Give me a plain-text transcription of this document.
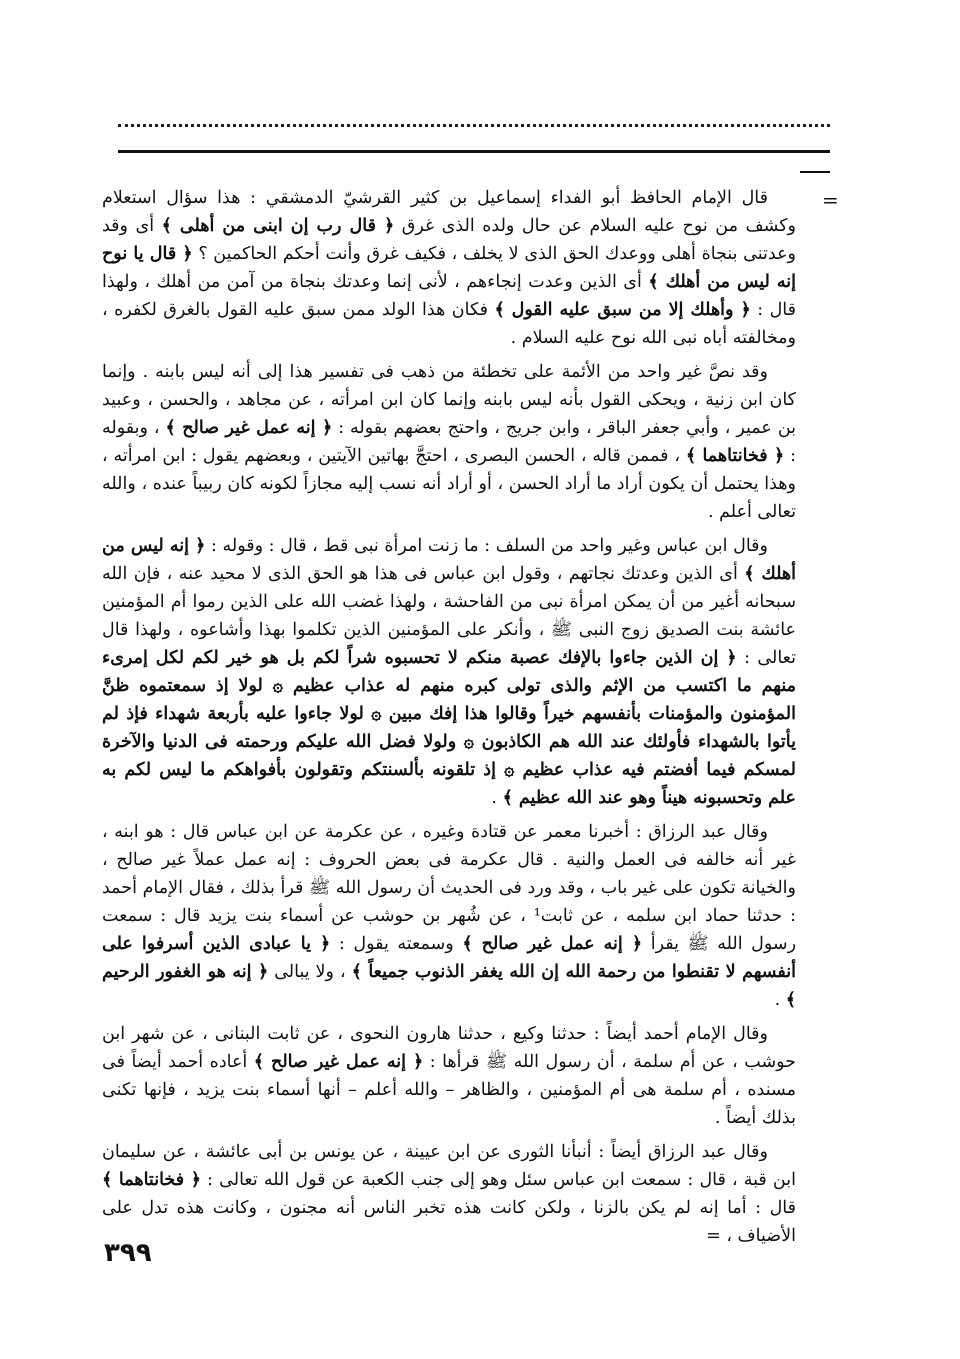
=

قال الإمام الحافظ أبو الفداء إسماعيل بن كثير القرشيّ الدمشقي : هذا سؤال استعلام وكشف من نوح عليه السلام عن حال ولده الذى غرق ﴿ قال رب إن ابنى من أهلى ﴾ أى وقد وعدتنى بنجاة أهلى ووعدك الحق الذى لا يخلف ، فكيف غرق وأنت أحكم الحاكمين ؟ ﴿ قال يا نوح إنه ليس من أهلك ﴾ أى الذين وعدت إنجاءهم ، لأنى إنما وعدتك بنجاة من آمن من أهلك ، ولهذا قال : ﴿ وأهلك إلا من سبق عليه القول ﴾ فكان هذا الولد ممن سبق عليه القول بالغرق لكفره ، ومخالفته أباه نبى الله نوح عليه السلام .

وقد نصَّ غير واحد من الأئمة على تخطئة من ذهب فى تفسير هذا إلى أنه ليس بابنه . وإنما كان ابن زنية ، ويحكى القول بأنه ليس بابنه وإنما كان ابن امرأته ، عن مجاهد ، والحسن ، وعبيد بن عمير ، وأبي جعفر الباقر ، وابن جريج ، واحتج بعضهم بقوله : ﴿ إنه عمل غير صالح ﴾ ، وبقوله : ﴿ فخانتاهما ﴾ ، فممن قاله ، الحسن البصرى ، احتجَّ بهاتين الآيتين ، وبعضهم يقول : ابن امرأته ، وهذا يحتمل أن يكون أراد ما أراد الحسن ، أو أراد أنه نسب إليه مجازاً لكونه كان ربيباً عنده ، والله تعالى أعلم .

وقال ابن عباس وغير واحد من السلف : ما زنت امرأة نبى قط ، قال : وقوله : ﴿ إنه ليس من أهلك ﴾ أى الذين وعدتك نجاتهم ، وقول ابن عباس فى هذا هو الحق الذى لا محيد عنه ، فإن الله سبحانه أغير من أن يمكن امرأة نبى من الفاحشة ، ولهذا غضب الله على الذين رموا أم المؤمنين عائشة بنت الصديق زوج النبى ﷺ ، وأنكر على المؤمنين الذين تكلموا بهذا وأشاعوه ، ولهذا قال تعالى : ﴿ إن الذين جاءوا بالإفك عصبة منكم لا تحسبوه شراً لكم بل هو خير لكم لكل إمرىء منهم ما اكتسب من الإثم والذى تولى كبره منهم له عذاب عظيم ۞ لولا إذ سمعتموه ظنَّ المؤمنون والمؤمنات بأنفسهم خيراً وقالوا هذا إفك مبين ۞ لولا جاءوا عليه بأربعة شهداء فإذ لم يأتوا بالشهداء فأولئك عند الله هم الكاذبون ۞ ولولا فضل الله عليكم ورحمته فى الدنيا والآخرة لمسكم فيما أفضتم فيه عذاب عظيم ۞ إذ تلقونه بألسنتكم وتقولون بأفواهكم ما ليس لكم به علم وتحسبونه هيناً وهو عند الله عظيم ﴾ .

وقال عبد الرزاق : أخبرنا معمر عن قتادة وغيره ، عن عكرمة عن ابن عباس قال : هو ابنه ، غير أنه خالفه فى العمل والنية . قال عكرمة فى بعض الحروف : إنه عمل عملاً غير صالح ، والخيانة تكون على غير باب ، وقد ورد فى الحديث أن رسول الله ﷺ قرأ بذلك ، فقال الإمام أحمد : حدثنا حماد ابن سلمه ، عن ثابت¹ ، عن شُهر بن حوشب عن أسماء بنت يزيد قال : سمعت رسول الله ﷺ يقرأ ﴿ إنه عمل غير صالح ﴾ وسمعته يقول : ﴿ يا عبادى الذين أسرفوا على أنفسهم لا تقنطوا من رحمة الله إن الله يغفر الذنوب جميعاً ﴾ ، ولا يبالى ﴿ إنه هو الغفور الرحيم ﴾ .

وقال الإمام أحمد أيضاً : حدثنا وكيع ، حدثنا هارون النحوى ، عن ثابت البنانى ، عن شهر ابن حوشب ، عن أم سلمة ، أن رسول الله ﷺ قرأها : ﴿ إنه عمل غير صالح ﴾ أعاده أحمد أيضاً فى مسنده ، أم سلمة هى أم المؤمنين ، والظاهر – والله أعلم – أنها أسماء بنت يزيد ، فإنها تكنى بذلك أيضاً .

وقال عبد الرزاق أيضاً : أنبأنا الثورى عن ابن عيينة ، عن يونس بن أبى عائشة ، عن سليمان ابن قبة ، قال : سمعت ابن عباس سئل وهو إلى جنب الكعبة عن قول الله تعالى : ﴿ فخانتاهما ﴾ قال : أما إنه لم يكن بالزنا ، ولكن كانت هذه تخبر الناس أنه مجنون ، وكانت هذه تدل على الأضياف ، =

٣٩٩
